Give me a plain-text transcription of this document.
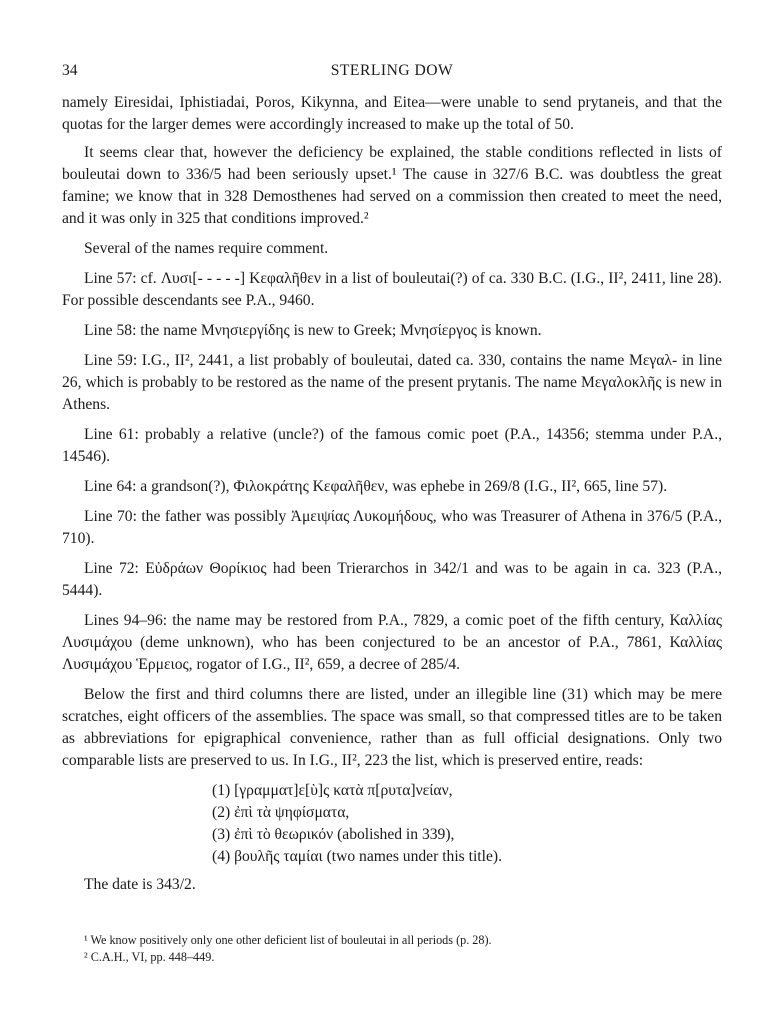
34	STERLING DOW

namely Eiresidai, Iphistiadai, Poros, Kikynna, and Eitea—were unable to send prytaneis, and that the quotas for the larger demes were accordingly increased to make up the total of 50.

It seems clear that, however the deficiency be explained, the stable conditions reflected in lists of bouleutai down to 336/5 had been seriously upset.¹ The cause in 327/6 B.C. was doubtless the great famine; we know that in 328 Demosthenes had served on a commission then created to meet the need, and it was only in 325 that conditions improved.²

Several of the names require comment.

Line 57: cf. Λυσι[- - - - -] Κεφαλῆθεν in a list of bouleutai(?) of ca. 330 B.C. (I.G., II², 2411, line 28). For possible descendants see P.A., 9460.

Line 58: the name Μνησιεργίδης is new to Greek; Μνησίεργος is known.

Line 59: I.G., II², 2441, a list probably of bouleutai, dated ca. 330, contains the name Μεγαλ- in line 26, which is probably to be restored as the name of the present prytanis. The name Μεγαλοκλῆς is new in Athens.

Line 61: probably a relative (uncle?) of the famous comic poet (P.A., 14356; stemma under P.A., 14546).

Line 64: a grandson(?), Φιλοκράτης Κεφαλῆθεν, was ephebe in 269/8 (I.G., II², 665, line 57).

Line 70: the father was possibly Ἀμειψίας Λυκομήδους, who was Treasurer of Athena in 376/5 (P.A., 710).

Line 72: Εὐδράων Θορίκιος had been Trierarchos in 342/1 and was to be again in ca. 323 (P.A., 5444).

Lines 94–96: the name may be restored from P.A., 7829, a comic poet of the fifth century, Καλλίας Λυσιμάχου (deme unknown), who has been conjectured to be an ancestor of P.A., 7861, Καλλίας Λυσιμάχου Ἑρμειος, rogator of I.G., II², 659, a decree of 285/4.

Below the first and third columns there are listed, under an illegible line (31) which may be mere scratches, eight officers of the assemblies. The space was small, so that compressed titles are to be taken as abbreviations for epigraphical convenience, rather than as full official designations. Only two comparable lists are preserved to us. In I.G., II², 223 the list, which is preserved entire, reads:

(1) [γραμματ]ε[ὺ]ς κατὰ π[ρυτα]νείαν,
(2) ἐπὶ τὰ ψηφίσματα,
(3) ἐπὶ τὸ θεωρικόν (abolished in 339),
(4) βουλῆς ταμίαι (two names under this title).

The date is 343/2.

¹ We know positively only one other deficient list of bouleutai in all periods (p. 28).
² C.A.H., VI, pp. 448–449.
